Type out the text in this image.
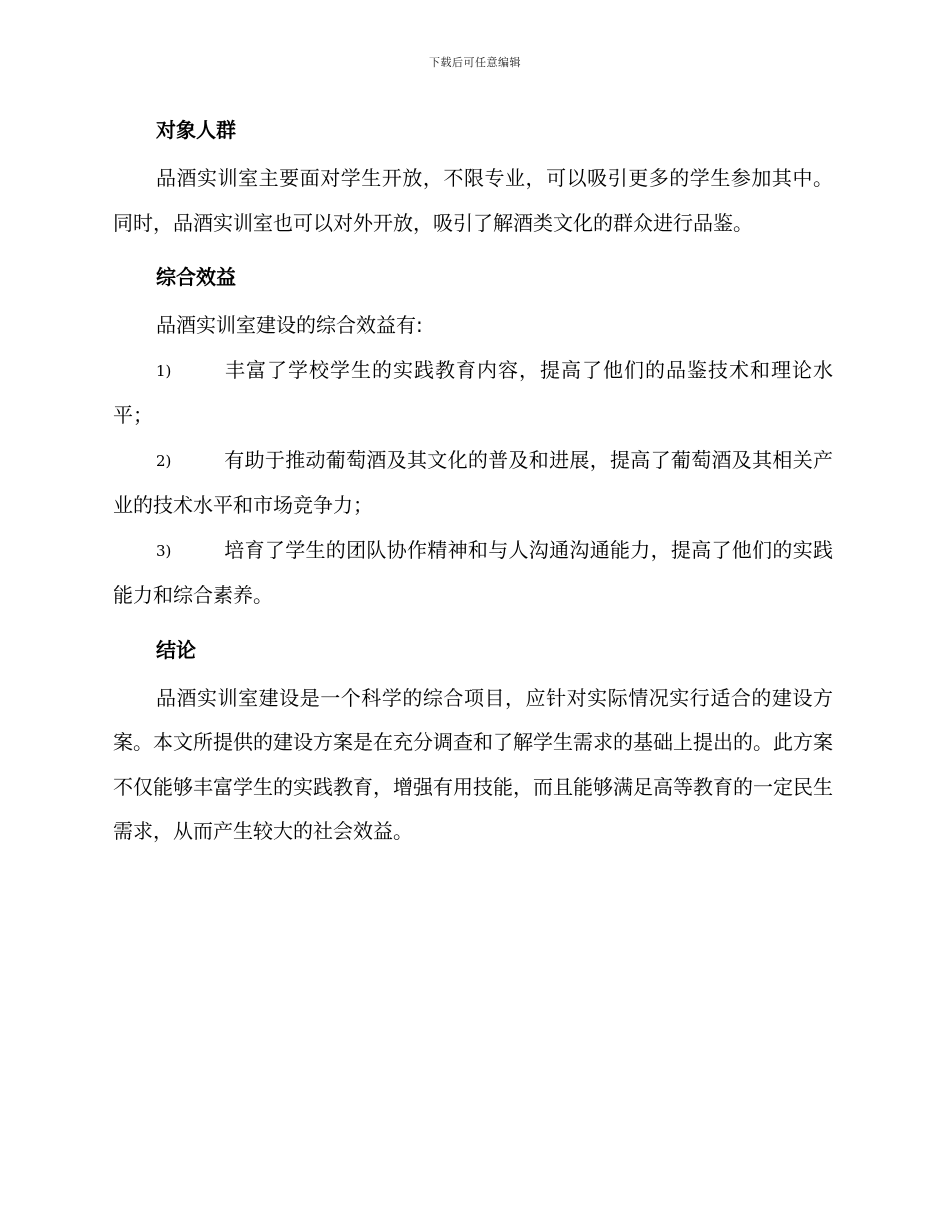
下载后可任意编辑
对象人群

品酒实训室主要面对学生开放，不限专业，可以吸引更多的学生参加其中。同时，品酒实训室也可以对外开放，吸引了解酒类文化的群众进行品鉴。

综合效益

品酒实训室建设的综合效益有:

1)	丰富了学校学生的实践教育内容，提高了他们的品鉴技术和理论水平；

2)	有助于推动葡萄酒及其文化的普及和进展，提高了葡萄酒及其相关产业的技术水平和市场竞争力；

3)	培育了学生的团队协作精神和与人沟通沟通能力，提高了他们的实践能力和综合素养。

结论

品酒实训室建设是一个科学的综合项目，应针对实际情况实行适合的建设方案。本文所提供的建设方案是在充分调查和了解学生需求的基础上提出的。此方案不仅能够丰富学生的实践教育，增强有用技能，而且能够满足高等教育的一定民生需求，从而产生较大的社会效益。
